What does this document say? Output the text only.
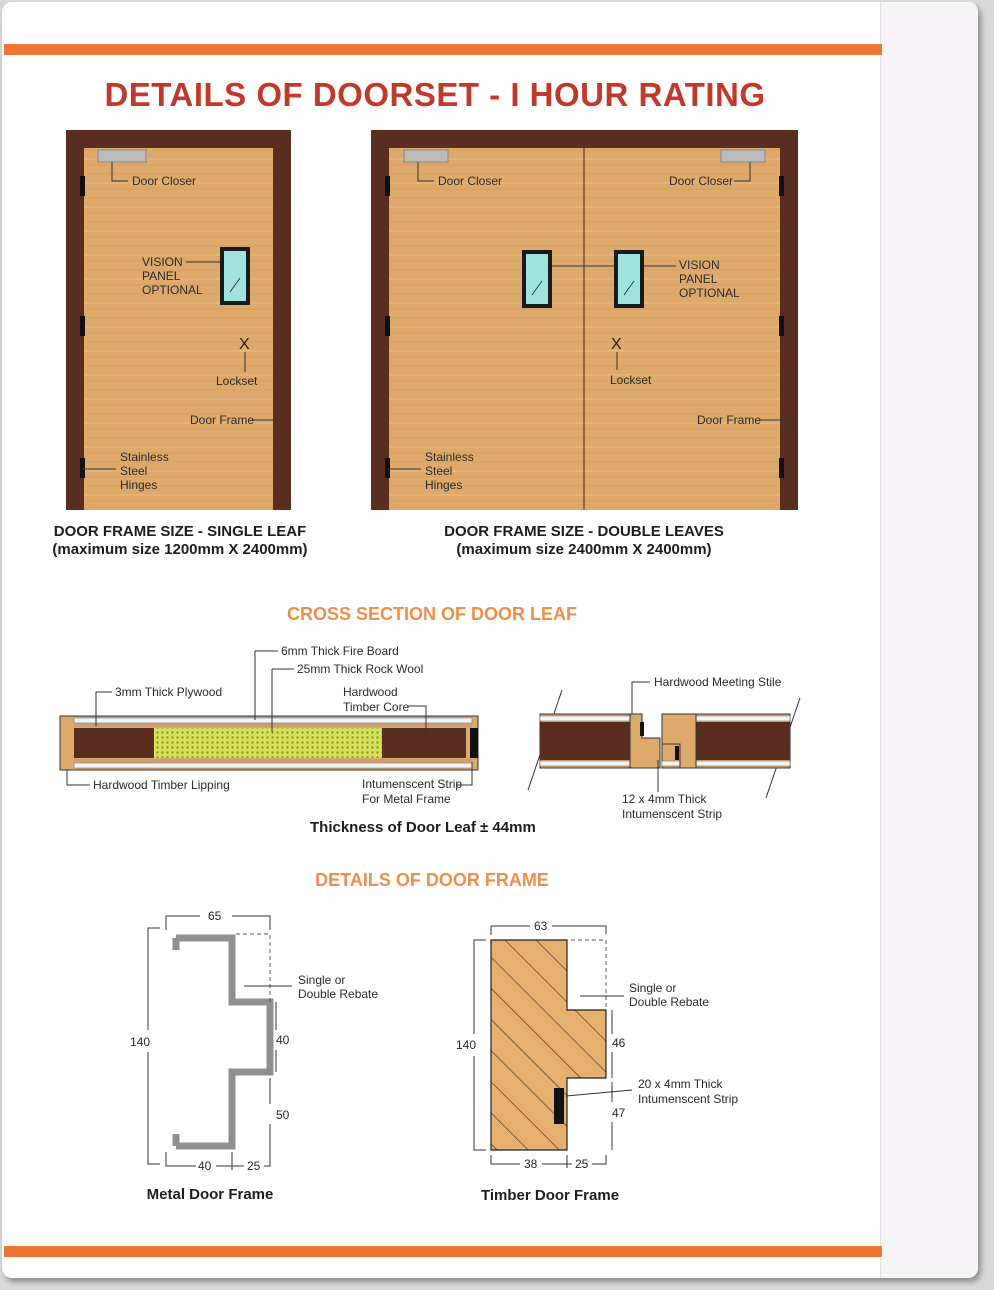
DETAILS OF DOORSET - I HOUR RATING
Door Closer
VISION
PANEL
OPTIONAL
X
Lockset
Door Frame
Stainless
Steel
Hinges
Door Closer	Door Closer
VISION
PANEL
OPTIONAL
X
Lockset
Door Frame
Stainless
Steel
Hinges
6mm Thick Fire Board
25mm Thick Rock Wool
3mm Thick Plywood	Hardwood
Timber Core
Hardwood Timber Lipping	Intumenscent Strip
For Metal Frame
Thickness of Door Leaf ± 44mm
Hardwood Meeting Stile
12 x 4mm Thick
Intumenscent Strip
65
140	40
50
40	25
Single or
Double Rebate
63
140	46
47
38	25
Single or
Double Rebate
20 x 4mm Thick
Intumenscent Strip
DOOR FRAME SIZE - SINGLE LEAF
(maximum size 1200mm X 2400mm)
DOOR FRAME SIZE - DOUBLE LEAVES
(maximum size 2400mm X 2400mm)
CROSS SECTION OF DOOR LEAF
DETAILS OF DOOR FRAME
Metal Door Frame	Timber Door Frame
